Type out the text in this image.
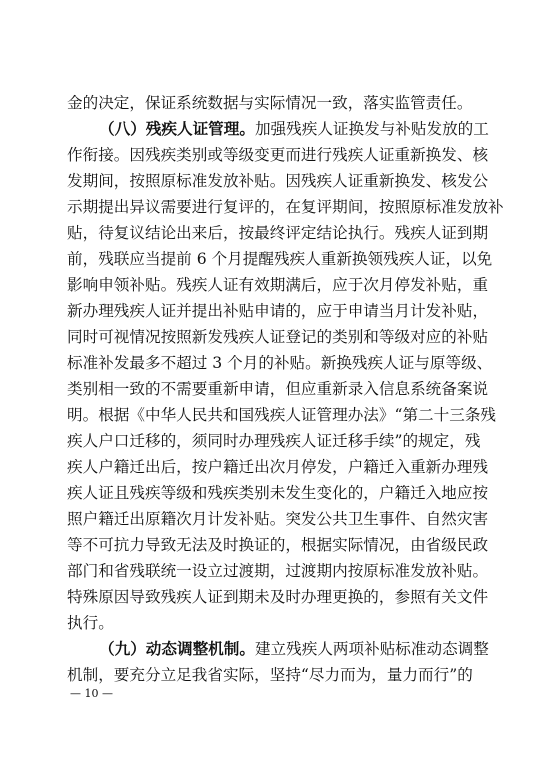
金的决定，保证系统数据与实际情况一致，落实监管责任。
（八）残疾人证管理。加强残疾人证换发与补贴发放的工
作衔接。因残疾类别或等级变更而进行残疾人证重新换发、核
发期间，按照原标准发放补贴。因残疾人证重新换发、核发公
示期提出异议需要进行复评的，在复评期间，按照原标准发放补
贴，待复议结论出来后，按最终评定结论执行。残疾人证到期
前，残联应当提前 6 个月提醒残疾人重新换领残疾人证，以免
影响申领补贴。残疾人证有效期满后，应于次月停发补贴，重
新办理残疾人证并提出补贴申请的，应于申请当月计发补贴，
同时可视情况按照新发残疾人证登记的类别和等级对应的补贴
标准补发最多不超过 3 个月的补贴。新换残疾人证与原等级、
类别相一致的不需要重新申请，但应重新录入信息系统备案说
明。根据《中华人民共和国残疾人证管理办法》“第二十三条残
疾人户口迁移的，须同时办理残疾人证迁移手续”的规定，残
疾人户籍迁出后，按户籍迁出次月停发，户籍迁入重新办理残
疾人证且残疾等级和残疾类别未发生变化的，户籍迁入地应按
照户籍迁出原籍次月计发补贴。突发公共卫生事件、自然灾害
等不可抗力导致无法及时换证的，根据实际情况，由省级民政
部门和省残联统一设立过渡期，过渡期内按原标准发放补贴。
特殊原因导致残疾人证到期未及时办理更换的，参照有关文件
执行。
（九）动态调整机制。建立残疾人两项补贴标准动态调整
机制，要充分立足我省实际，坚持“尽力而为，量力而行”的
— 10 —
